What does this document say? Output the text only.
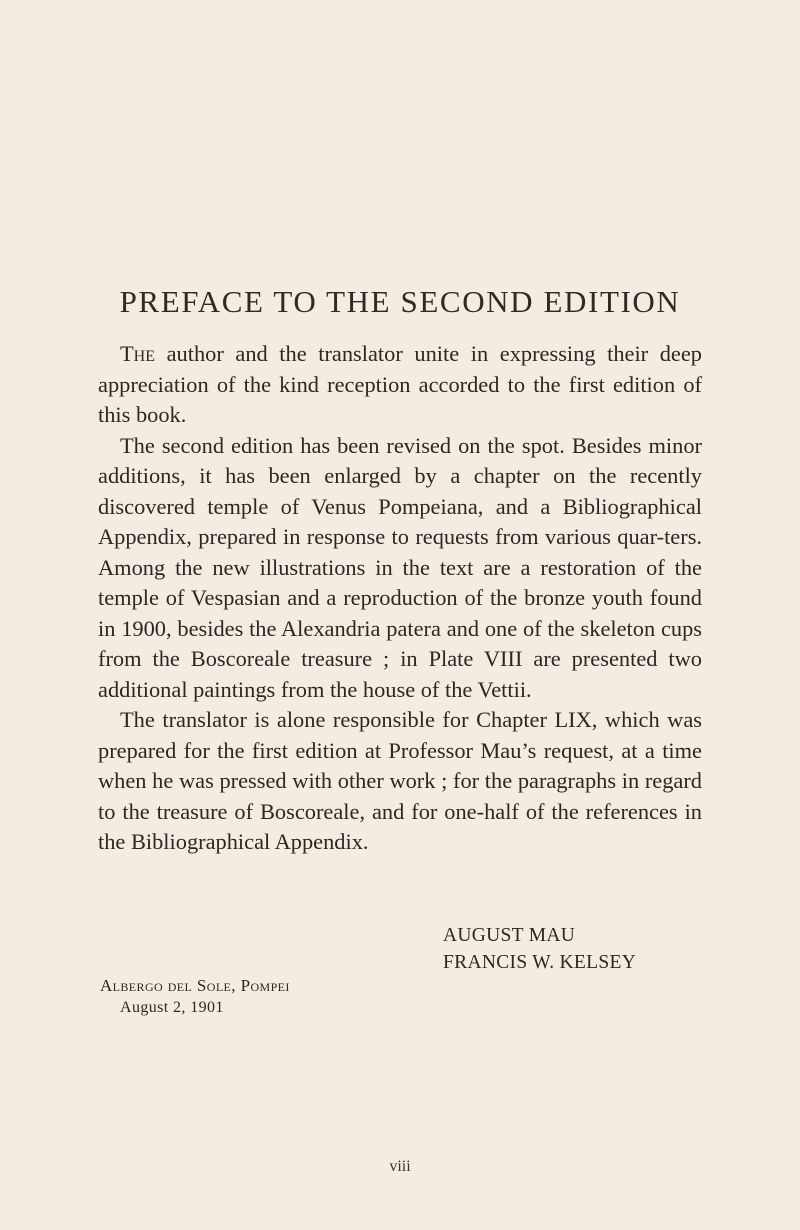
PREFACE TO THE SECOND EDITION

The author and the translator unite in expressing their deep appreciation of the kind reception accorded to the first edition of this book.

The second edition has been revised on the spot. Besides minor additions, it has been enlarged by a chapter on the recently discovered temple of Venus Pompeiana, and a Bibliographical Appendix, prepared in response to requests from various quar-ters. Among the new illustrations in the text are a restoration of the temple of Vespasian and a reproduction of the bronze youth found in 1900, besides the Alexandria patera and one of the skeleton cups from the Boscoreale treasure ; in Plate VIII are presented two additional paintings from the house of the Vettii.

The translator is alone responsible for Chapter LIX, which was prepared for the first edition at Professor Mau’s request, at a time when he was pressed with other work ; for the paragraphs in regard to the treasure of Boscoreale, and for one-half of the references in the Bibliographical Appendix.

AUGUST MAU
FRANCIS W. KELSEY
Albergo del Sole, Pompei
August 2, 1901
viii
